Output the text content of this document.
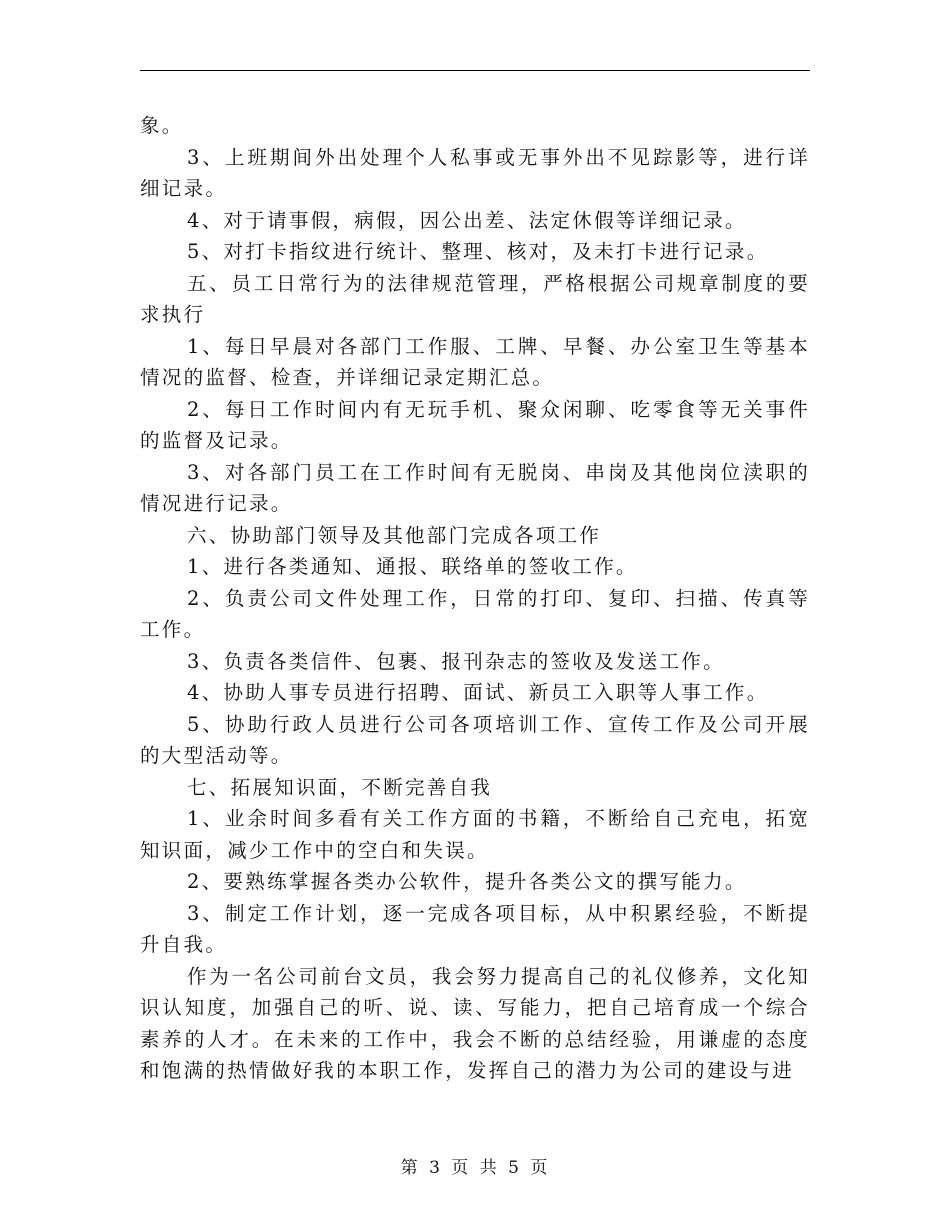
象。

3、上班期间外出处理个人私事或无事外出不见踪影等，进行详细记录。

4、对于请事假，病假，因公出差、法定休假等详细记录。

5、对打卡指纹进行统计、整理、核对，及未打卡进行记录。

五、员工日常行为的法律规范管理，严格根据公司规章制度的要求执行

1、每日早晨对各部门工作服、工牌、早餐、办公室卫生等基本情况的监督、检查，并详细记录定期汇总。

2、每日工作时间内有无玩手机、聚众闲聊、吃零食等无关事件的监督及记录。

3、对各部门员工在工作时间有无脱岗、串岗及其他岗位渎职的情况进行记录。

六、协助部门领导及其他部门完成各项工作

1、进行各类通知、通报、联络单的签收工作。

2、负责公司文件处理工作，日常的打印、复印、扫描、传真等工作。

3、负责各类信件、包裹、报刊杂志的签收及发送工作。

4、协助人事专员进行招聘、面试、新员工入职等人事工作。

5、协助行政人员进行公司各项培训工作、宣传工作及公司开展的大型活动等。

七、拓展知识面，不断完善自我

1、业余时间多看有关工作方面的书籍，不断给自己充电，拓宽知识面，减少工作中的空白和失误。

2、要熟练掌握各类办公软件，提升各类公文的撰写能力。

3、制定工作计划，逐一完成各项目标，从中积累经验，不断提升自我。

作为一名公司前台文员，我会努力提高自己的礼仪修养，文化知识认知度，加强自己的听、说、读、写能力，把自己培育成一个综合素养的人才。在未来的工作中，我会不断的总结经验，用谦虚的态度和饱满的热情做好我的本职工作，发挥自己的潜力为公司的建设与进

第 3 页 共 5 页
